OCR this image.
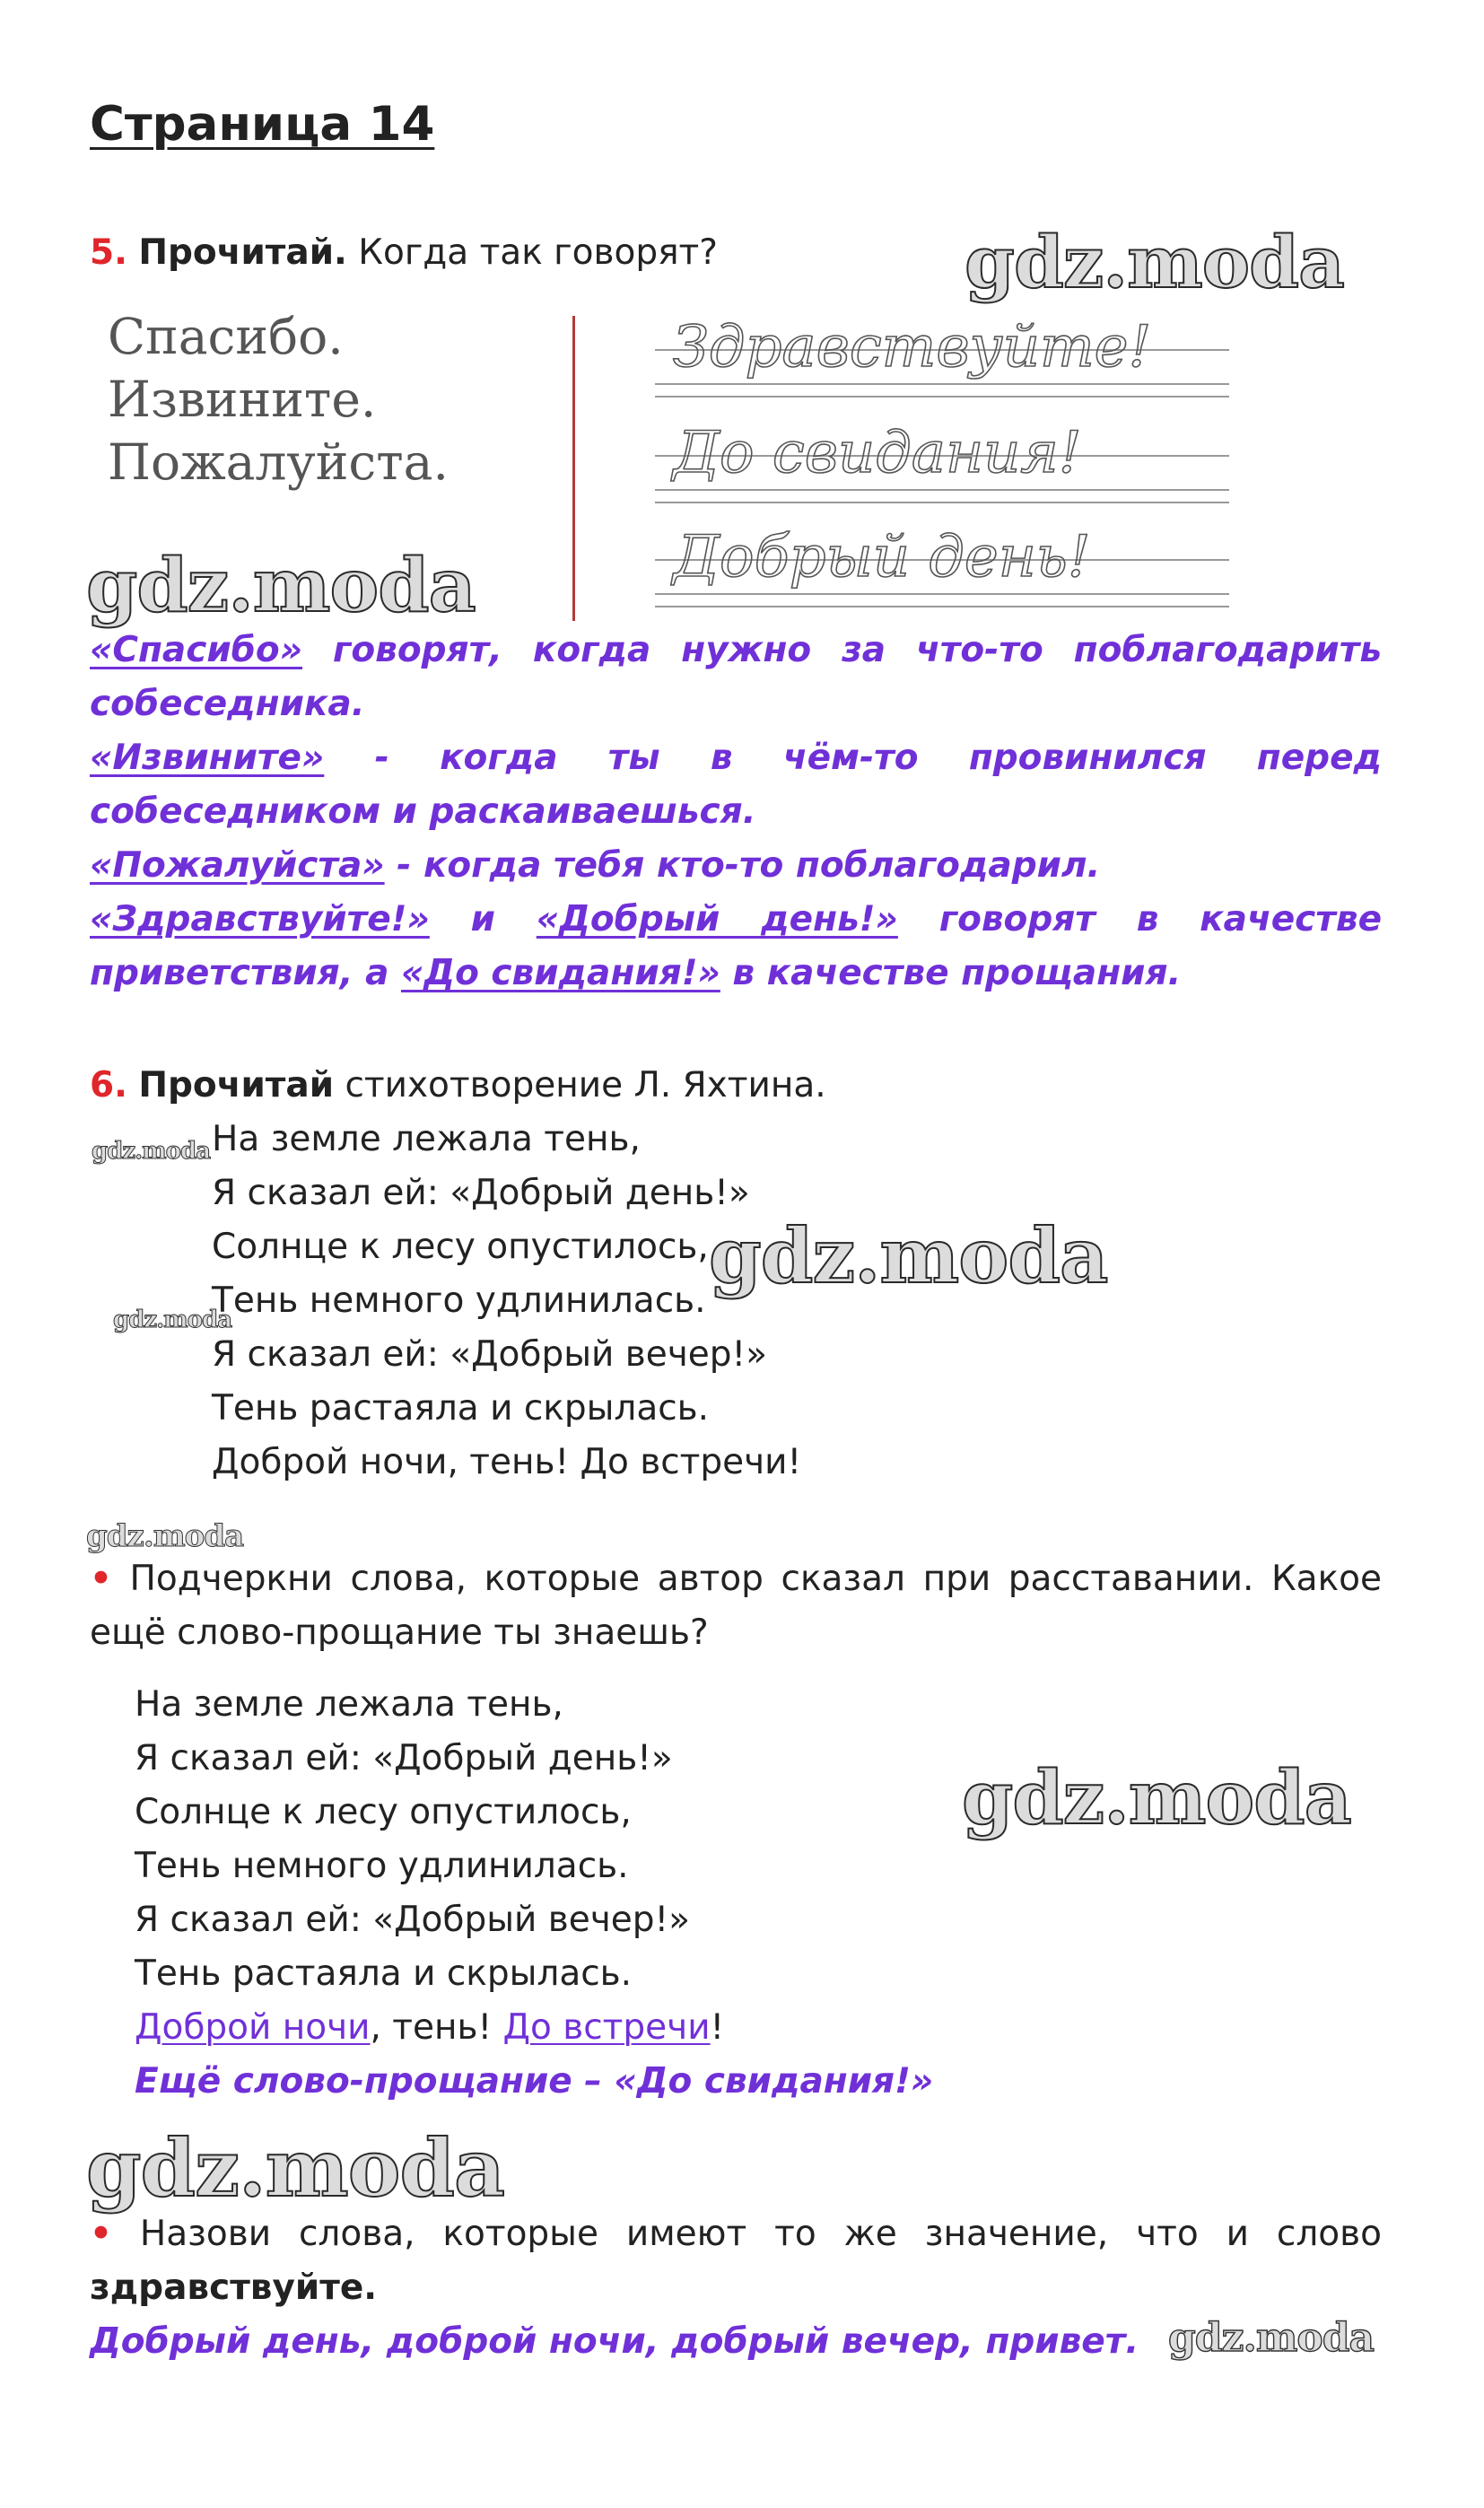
Страница 14
5. Прочитай. Когда так говорят?
Спасибо.
Извините.
Пожалуйста.
Здравствуйте!
До свидания!
Добрый день!
«Спасибо» говорят, когда нужно за что-то поблагодарить
собеседника.
«Извините» - когда ты в чём-то провинился перед
собеседником и раскаиваешься.
«Пожалуйста» - когда тебя кто-то поблагодарил.
«Здравствуйте!» и «Добрый день!» говорят в качестве
приветствия, а «До свидания!» в качестве прощания.
6. Прочитай стихотворение Л. Яхтина.
На земле лежала тень,
Я сказал ей: «Добрый день!»
Солнце к лесу опустилось,
Тень немного удлинилась.
Я сказал ей: «Добрый вечер!»
Тень растаяла и скрылась.
Доброй ночи, тень! До встречи!
• Подчеркни слова, которые автор сказал при расставании. Какое
ещё слово-прощание ты знаешь?
На земле лежала тень,
Я сказал ей: «Добрый день!»
Солнце к лесу опустилось,
Тень немного удлинилась.
Я сказал ей: «Добрый вечер!»
Тень растаяла и скрылась.
Доброй ночи, тень! До встречи!
Ещё слово-прощание – «До свидания!»
• Назови слова, которые имеют то же значение, что и слово
здравствуйте.
Добрый день, доброй ночи, добрый вечер, привет.
gdz.moda
gdz.moda
gdz.moda
gdz.moda
gdz.moda
gdz.moda
gdz.moda
gdz.moda
gdz.moda
